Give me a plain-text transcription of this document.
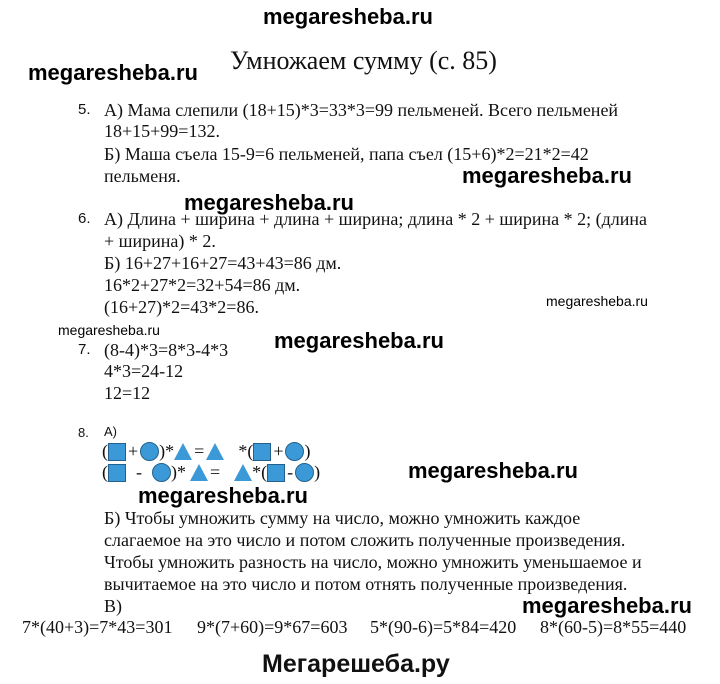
megaresheba.ru
megaresheba.ru
megaresheba.ru
megaresheba.ru
megaresheba.ru
megaresheba.ru	megaresheba.ru
megaresheba.ru
megaresheba.ru
megaresheba.ru
Умножаем сумму (с. 85)
5. А) Мама слепили (18+15)*3=33*3=99 пельменей. Всего пельменей
18+15+99=132.
Б) Маша съела 15-9=6 пельменей, папа съел (15+6)*2=21*2=42
пельменя.
6. А) Длина + ширина + длина + ширина; длина * 2 + ширина * 2; (длина
+ ширина) * 2.
Б) 16+27+16+27=43+43=86 дм.
16*2+27*2=32+54=86 дм.
(16+27)*2=43*2=86.
7. (8-4)*3=8*3-4*3
4*3=24-12
12=12
8. А)
( + )* = *( + )
( - )* = *( - )
Б) Чтобы умножить сумму на число, можно умножить каждое
слагаемое на это число и потом сложить полученные произведения.
Чтобы умножить разность на число, можно умножить уменьшаемое и
вычитаемое на это число и потом отнять полученные произведения.
В)
7*(40+3)=7*43=301 9*(7+60)=9*67=603 5*(90-6)=5*84=420 8*(60-5)=8*55=440
Мегарешеба.ру
